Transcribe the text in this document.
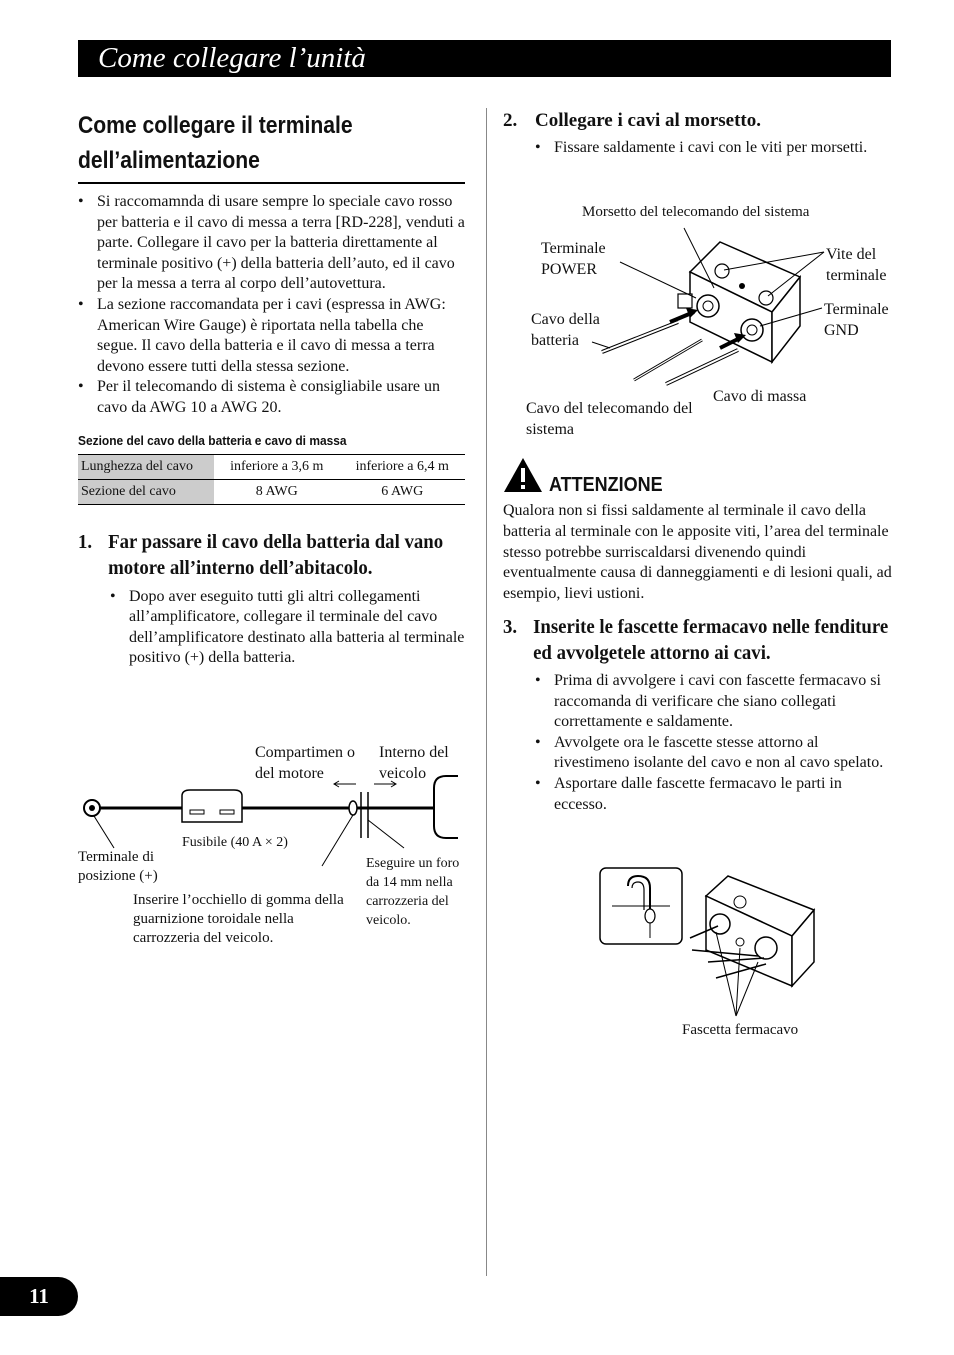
Come collegare l’unità
Come collegare il terminale
dell’alimentazione
• Si raccomamnda di usare sempre lo speciale cavo rosso per batteria e il cavo di messa a terra [RD-228], venduti a parte. Collegare il cavo per la batteria direttamente al terminale positivo (+) della batteria dell’auto, ed il cavo per la messa a terra al corpo dell’autovettura.
• La sezione raccomandata per i cavi (espressa in AWG: American Wire Gauge) è riportata nella tabella che segue. Il cavo della batteria e il cavo di messa a terra devono essere tutti della stessa sezione.
• Per il telecomando di sistema è consigliabile usare un cavo da AWG 10 a AWG 20.
Sezione del cavo della batteria e cavo di massa
Lunghezza del cavo	inferiore a 3,6 m	inferiore a 6,4 m
Sezione del cavo	8 AWG	6 AWG
1. Far passare il cavo della batteria dal vano motore all’interno dell’abitacolo.
• Dopo aver eseguito tutti gli altri collegamenti all’amplificatore, collegare il terminale del cavo dell’amplificatore destinato alla batteria al terminale positivo (+) della batteria.
Compartimen o del motore
Interno del veicolo
Fusibile (40 A × 2)
Terminale di posizione (+)
Eseguire un foro da 14 mm nella carrozzeria del veicolo.
Inserire l’occhiello di gomma della guarnizione toroidale nella carrozzeria del veicolo.
2. Collegare i cavi al morsetto.
• Fissare saldamente i cavi con le viti per morsetti.
Morsetto del telecomando del sistema
Terminale POWER
Vite del terminale
Terminale GND
Cavo della batteria
Cavo di massa
Cavo del telecomando del sistema
ATTENZIONE
Qualora non si fissi saldamente al terminale il cavo della batteria al terminale con le apposite viti, l’area del terminale stesso potrebbe surriscaldarsi divenendo quindi eventualmente causa di danneggiamenti e di lesioni quali, ad esempio, lievi ustioni.
3. Inserite le fascette fermacavo nelle fenditure ed avvolgetele attorno ai cavi.
• Prima di avvolgere i cavi con fascette fermacavo si raccomanda di verificare che siano collegati correttamente e saldamente.
• Avvolgete ora le fascette stesse attorno al rivestimeno isolante del cavo e non al cavo spelato.
• Asportare dalle fascette fermacavo le parti in eccesso.
Fascetta fermacavo
11
